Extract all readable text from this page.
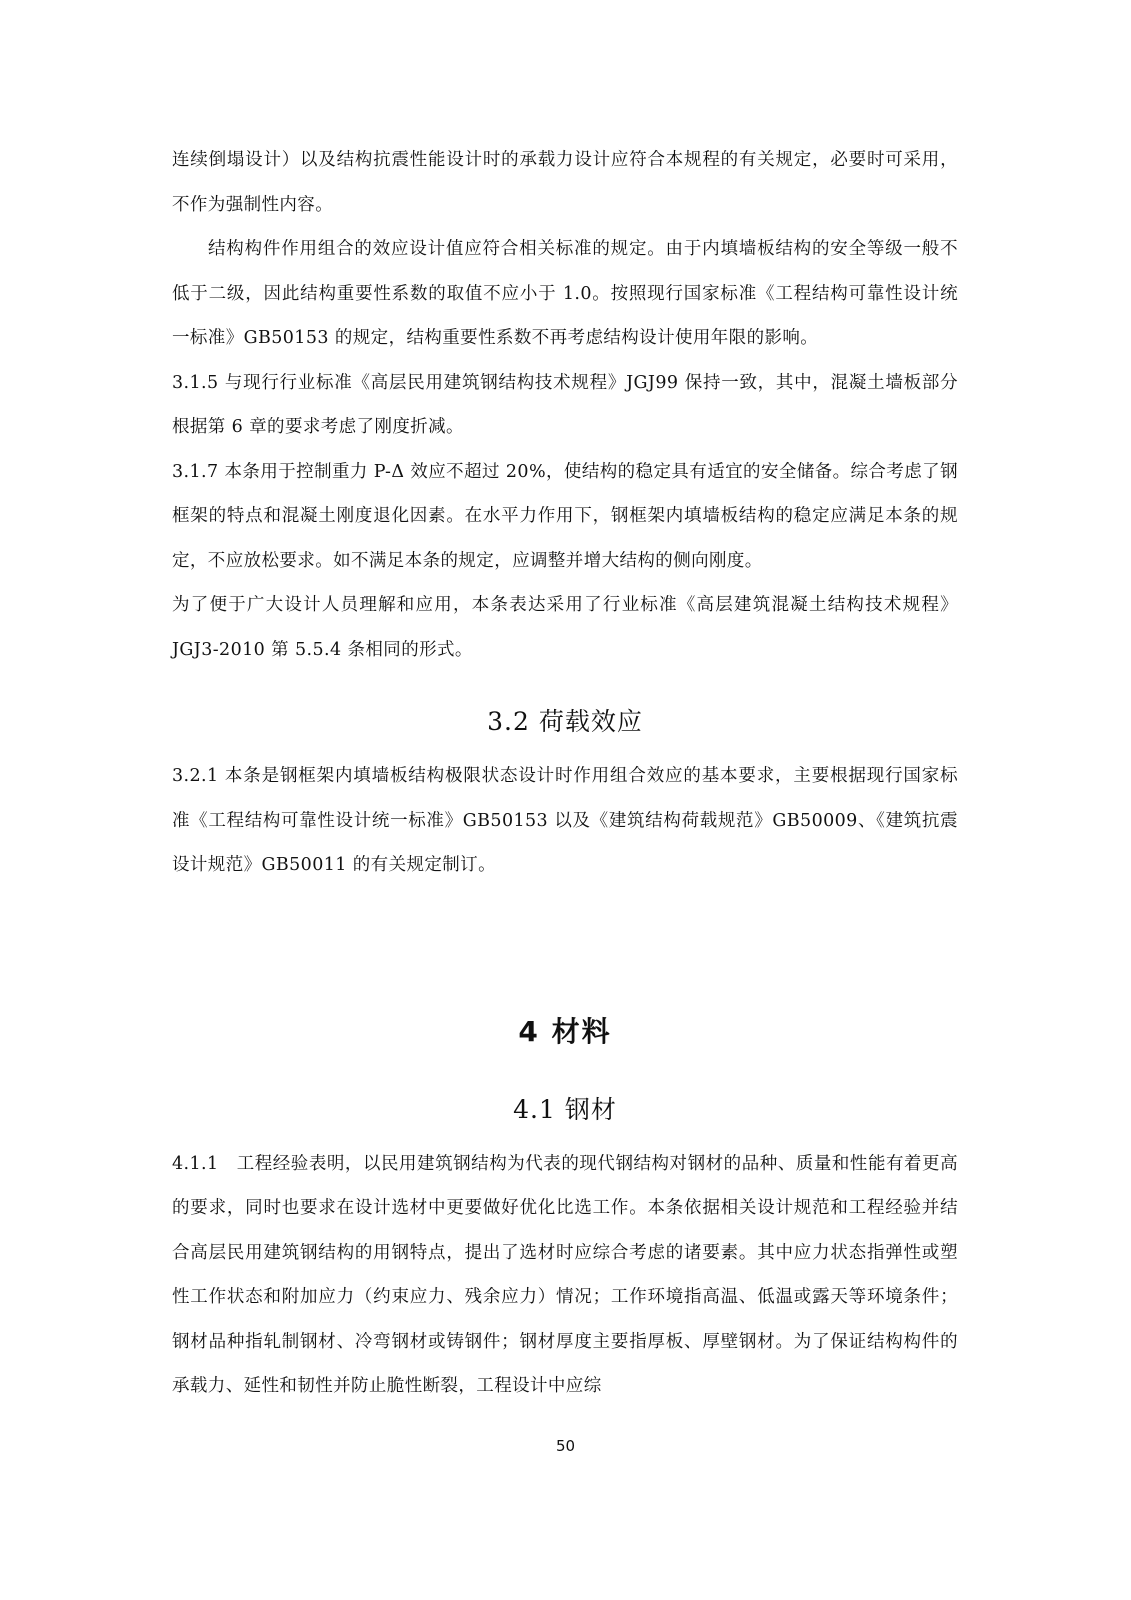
连续倒塌设计）以及结构抗震性能设计时的承载力设计应符合本规程的有关规定，必要时可采用，不作为强制性内容。

结构构件作用组合的效应设计值应符合相关标准的规定。由于内填墙板结构的安全等级一般不低于二级，因此结构重要性系数的取值不应小于 1.0。按照现行国家标准《工程结构可靠性设计统一标准》GB50153 的规定，结构重要性系数不再考虑结构设计使用年限的影响。

3.1.5 与现行行业标准《高层民用建筑钢结构技术规程》JGJ99 保持一致，其中，混凝土墙板部分根据第 6 章的要求考虑了刚度折减。

3.1.7 本条用于控制重力 P-Δ 效应不超过 20%，使结构的稳定具有适宜的安全储备。综合考虑了钢框架的特点和混凝土刚度退化因素。在水平力作用下，钢框架内填墙板结构的稳定应满足本条的规定，不应放松要求。如不满足本条的规定，应调整并增大结构的侧向刚度。

为了便于广大设计人员理解和应用，本条表达采用了行业标准《高层建筑混凝土结构技术规程》JGJ3-2010 第 5.5.4 条相同的形式。

3.2 荷载效应

3.2.1 本条是钢框架内填墙板结构极限状态设计时作用组合效应的基本要求，主要根据现行国家标准《工程结构可靠性设计统一标准》GB50153 以及《建筑结构荷载规范》GB50009、《建筑抗震设计规范》GB50011 的有关规定制订。

4 材料
4.1 钢材

4.1.1　工程经验表明，以民用建筑钢结构为代表的现代钢结构对钢材的品种、质量和性能有着更高的要求，同时也要求在设计选材中更要做好优化比选工作。本条依据相关设计规范和工程经验并结合高层民用建筑钢结构的用钢特点，提出了选材时应综合考虑的诸要素。其中应力状态指弹性或塑性工作状态和附加应力（约束应力、残余应力）情况；工作环境指高温、低温或露天等环境条件；钢材品种指轧制钢材、冷弯钢材或铸钢件；钢材厚度主要指厚板、厚壁钢材。为了保证结构构件的承载力、延性和韧性并防止脆性断裂，工程设计中应综

50
